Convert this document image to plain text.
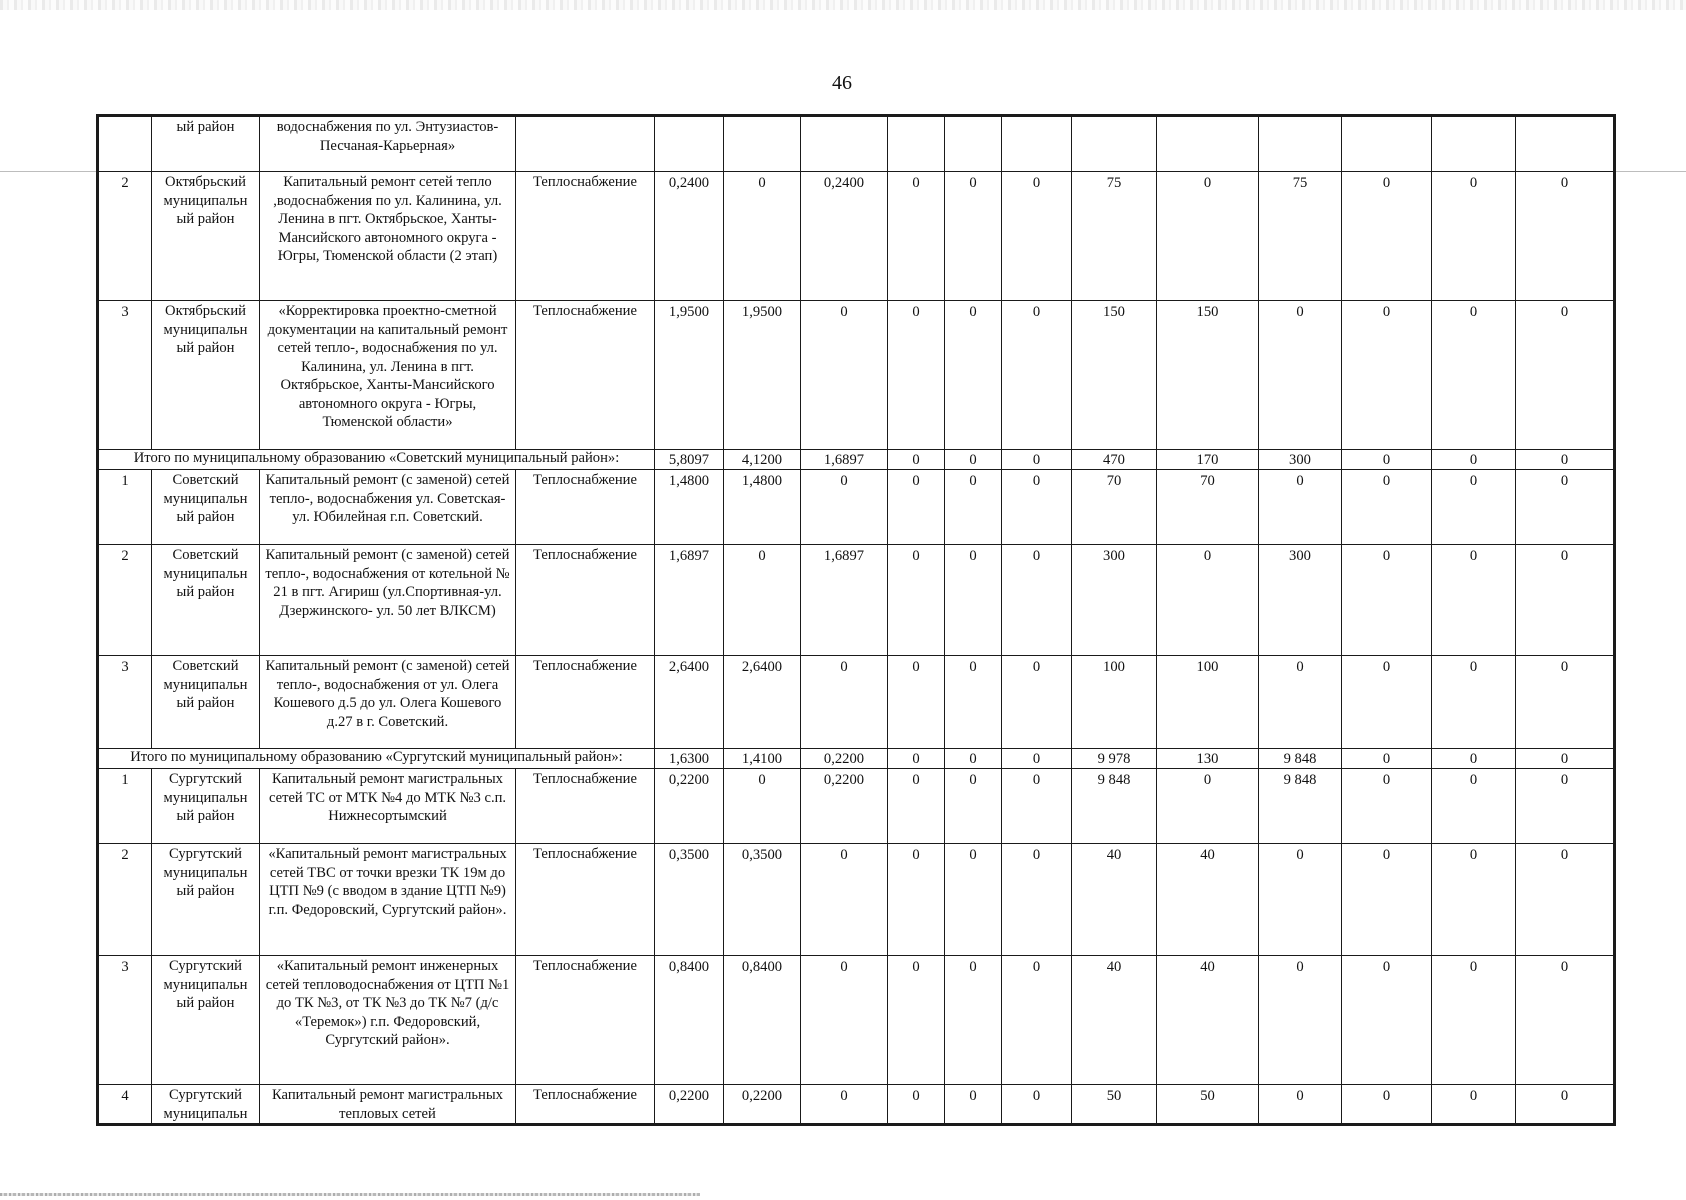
46
	ый район	водоснабжения по ул. Энтузиастов-Песчаная-Карьерная»													
2	Октябрьский муниципальн ый район	Капитальный ремонт сетей тепло ,водоснабжения по ул. Калинина, ул. Ленина в пгт. Октябрьское, Ханты-Мансийского автономного округа - Югры, Тюменской области (2 этап)	Теплоснабжение	0,2400	0	0,2400	0	0	0	75	0	75	0	0	0
3	Октябрьский муниципальн ый район	«Корректировка проектно-сметной документации на капитальный ремонт сетей тепло-, водоснабжения по ул. Калинина, ул. Ленина в пгт. Октябрьское, Ханты-Мансийского автономного округа - Югры, Тюменской области»	Теплоснабжение	1,9500	1,9500	0	0	0	0	150	150	0	0	0	0
Итого по муниципальному образованию «Советский муниципальный район»:				5,8097	4,1200	1,6897	0	0	0	470	170	300	0	0	0
1	Советский муниципальн ый район	Капитальный ремонт (с заменой) сетей тепло-, водоснабжения ул. Советская-ул. Юбилейная г.п. Советский.	Теплоснабжение	1,4800	1,4800	0	0	0	0	70	70	0	0	0	0
2	Советский муниципальн ый район	Капитальный ремонт (с заменой) сетей тепло-, водоснабжения от котельной № 21 в пгт. Агириш (ул.Спортивная-ул. Дзержинского- ул. 50 лет ВЛКСМ)	Теплоснабжение	1,6897	0	1,6897	0	0	0	300	0	300	0	0	0
3	Советский муниципальн ый район	Капитальный ремонт (с заменой) сетей тепло-, водоснабжения от ул. Олега Кошевого д.5 до ул. Олега Кошевого д.27 в г. Советский.	Теплоснабжение	2,6400	2,6400	0	0	0	0	100	100	0	0	0	0
Итого по муниципальному образованию «Сургутский муниципальный район»:				1,6300	1,4100	0,2200	0	0	0	9 978	130	9 848	0	0	0
1	Сургутский муниципальн ый район	Капитальный ремонт магистральных сетей ТС от МТК №4 до МТК №3 с.п. Нижнесортымский	Теплоснабжение	0,2200	0	0,2200	0	0	0	9 848	0	9 848	0	0	0
2	Сургутский муниципальн ый район	«Капитальный ремонт магистральных сетей ТВС от точки врезки ТК 19м до ЦТП №9 (с вводом в здание ЦТП №9) г.п. Федоровский, Сургутский район».	Теплоснабжение	0,3500	0,3500	0	0	0	0	40	40	0	0	0	0
3	Сургутский муниципальн ый район	«Капитальный ремонт инженерных сетей тепловодоснабжения от ЦТП №1 до ТК №3, от ТК №3 до ТК №7 (д/с «Теремок») г.п. Федоровский, Сургутский район».	Теплоснабжение	0,8400	0,8400	0	0	0	0	40	40	0	0	0	0
4	Сургутский муниципальн	Капитальный ремонт магистральных тепловых сетей	Теплоснабжение	0,2200	0,2200	0	0	0	0	50	50	0	0	0	0
